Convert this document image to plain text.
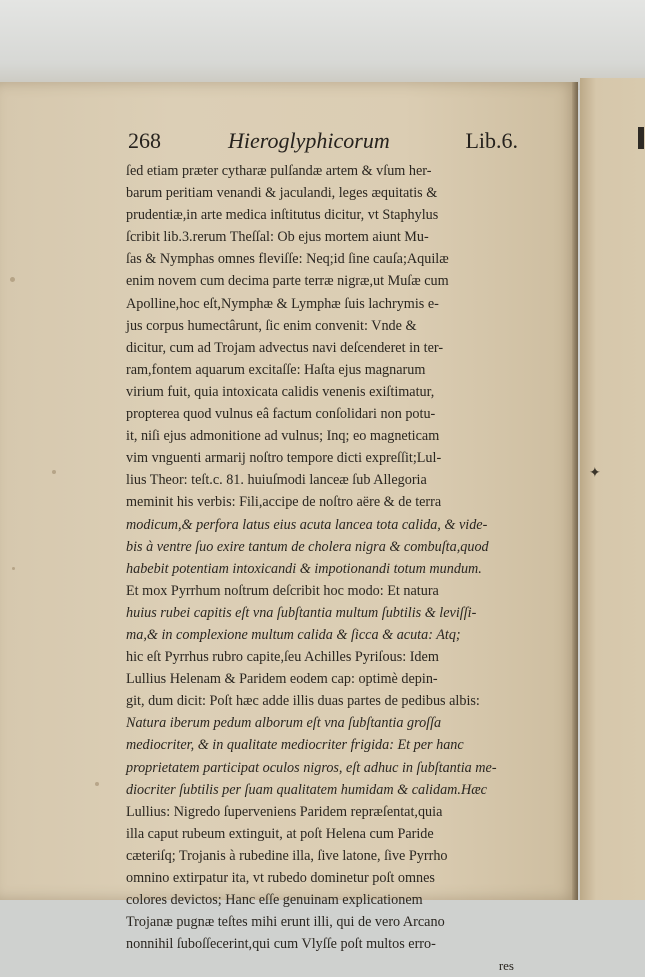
✦
268	Hieroglyphicorum	Lib.6.
ſed etiam præter cytharæ pulſandæ artem & vſum her-
barum peritiam venandi & jaculandi, leges æquitatis &
prudentiæ,in arte medica inſtitutus dicitur, vt Staphylus
ſcribit lib.3.rerum Theſſal: Ob ejus mortem aiunt Mu-
ſas & Nymphas omnes fleviſſe: Neq;id ſine cauſa;Aquilæ
enim novem cum decima parte terræ nigræ,ut Muſæ cum
Apolline,hoc eſt,Nymphæ & Lymphæ ſuis lachrymis e-
jus corpus humectârunt, ſic enim convenit: Vnde &
dicitur, cum ad Trojam advectus navi deſcenderet in ter-
ram,fontem aquarum excitaſſe: Haſta ejus magnarum
virium fuit, quia intoxicata calidis venenis exiſtimatur,
propterea quod vulnus eâ factum conſolidari non potu-
it, niſi ejus admonitione ad vulnus; Inq; eo magneticam
vim vnguenti armarij noſtro tempore dicti expreſſit;Lul-
lius Theor: teſt.c. 81. huiuſmodi lanceæ ſub Allegoria
meminit his verbis: Fili,accipe de noſtro aëre & de terra
modicum,& perfora latus eius acuta lancea tota calida, & vide-
bis à ventre ſuo exire tantum de cholera nigra & combuſta,quod
habebit potentiam intoxicandi & impotionandi totum mundum.
Et mox Pyrrhum noſtrum deſcribit hoc modo: Et natura
huius rubei capitis eſt vna ſubſtantia multum ſubtilis & leviſſi-
ma,& in complexione multum calida & ſicca & acuta: Atq;
hic eſt Pyrrhus rubro capite,ſeu Achilles Pyriſous: Idem
Lullius Helenam & Paridem eodem cap: optimè depin-
git, dum dicit: Poſt hæc adde illis duas partes de pedibus albis:
Natura iberum pedum alborum eſt vna ſubſtantia groſſa
mediocriter, & in qualitate mediocriter frigida: Et per hanc
proprietatem participat oculos nigros, eſt adhuc in ſubſtantia me-
diocriter ſubtilis per ſuam qualitatem humidam & calidam.Hæc
Lullius: Nigredo ſuperveniens Paridem repræſentat,quia
illa caput rubeum extinguit, at poſt Helena cum Paride
cæteriſq; Trojanis à rubedine illa, ſive latone, ſive Pyrrho
omnino extirpatur ita, vt rubedo dominetur poſt omnes
colores devictos; Hanc eſſe genuinam explicationem
Trojanæ pugnæ teſtes mihi erunt illi, qui de vero Arcano
nonnihil ſuboſſecerint,qui cum Vlyſſe poſt multos erro-
res
